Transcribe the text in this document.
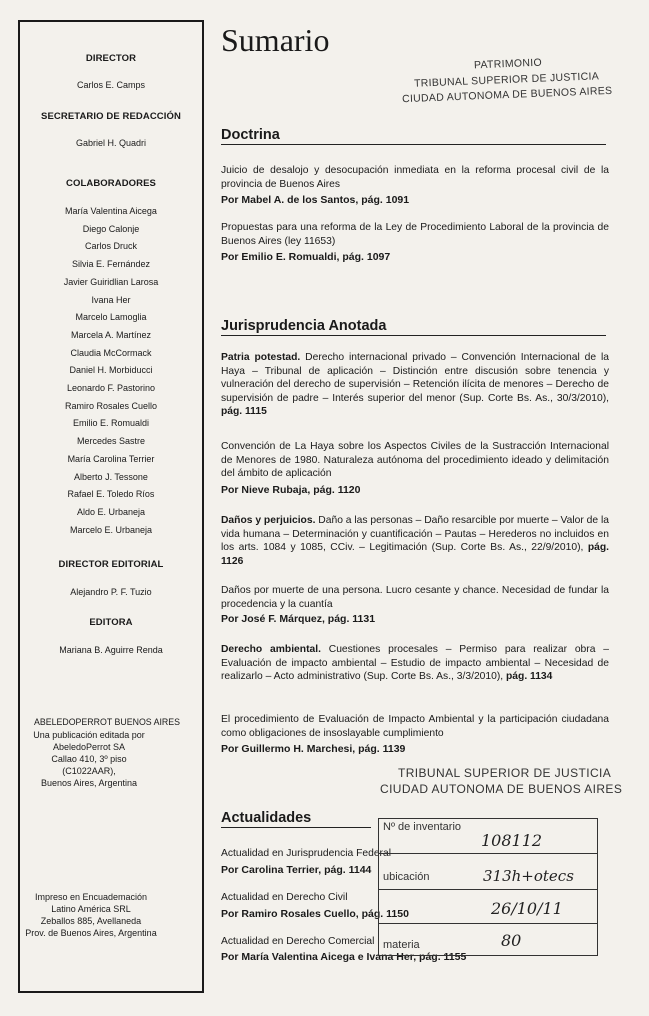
DIRECTOR
Carlos E. Camps
SECRETARIO DE REDACCIÓN
Gabriel H. Quadri
COLABORADORES
María Valentina Aicega
Diego Calonje
Carlos Druck
Silvia E. Fernández
Javier Guiridlian Larosa
Ivana Her
Marcelo Lamoglia
Marcela A. Martínez
Claudia McCormack
Daniel H. Morbiducci
Leonardo F. Pastorino
Ramiro Rosales Cuello
Emilio E. Romualdi
Mercedes Sastre
María Carolina Terrier
Alberto J. Tessone
Rafael E. Toledo Ríos
Aldo E. Urbaneja
Marcelo E. Urbaneja
DIRECTOR EDITORIAL
Alejandro P. F. Tuzio
EDITORA
Mariana B. Aguirre Renda
ABELEDOPERROT BUENOS AIRES
Una publicación editada por
AbeledoPerrot SA
Callao 410, 3º piso
(C1022AAR),
Buenos Aires, Argentina
Impreso en Encuademación
Latino América SRL
Zeballos 885, Avellaneda
Prov. de Buenos Aires, Argentina
Sumario
PATRIMONIO
TRIBUNAL SUPERIOR DE JUSTICIA
CIUDAD AUTONOMA DE BUENOS AIRES
Doctrina
Juicio de desalojo y desocupación inmediata en la reforma procesal civil de la provincia de Buenos Aires
Por Mabel A. de los Santos, pág. 1091
Propuestas para una reforma de la Ley de Procedimiento Laboral de la provincia de Buenos Aires (ley 11653)
Por Emilio E. Romualdi, pág. 1097
Jurisprudencia Anotada
Patria potestad. Derecho internacional privado – Convención Internacional de la Haya – Tribunal de aplicación – Distinción entre discusión sobre tenencia y vulneración del derecho de supervisión – Retención ilícita de menores – Derecho de supervisión de padre – Interés superior del menor (Sup. Corte Bs. As., 30/3/2010), pág. 1115
Convención de La Haya sobre los Aspectos Civiles de la Sustracción Internacional de Menores de 1980. Naturaleza autónoma del procedimiento ideado y delimitación del ámbito de aplicación
Por Nieve Rubaja, pág. 1120
Daños y perjuicios. Daño a las personas – Daño resarcible por muerte – Valor de la vida humana – Determinación y cuantificación – Pautas – Herederos no incluidos en los arts. 1084 y 1085, CCiv. – Legitimación (Sup. Corte Bs. As., 22/9/2010), pág. 1126
Daños por muerte de una persona. Lucro cesante y chance. Necesidad de fundar la procedencia y la cuantía
Por José F. Márquez, pág. 1131
Derecho ambiental. Cuestiones procesales – Permiso para realizar obra – Evaluación de impacto ambiental – Estudio de impacto ambiental – Necesidad de realizarlo – Acto administrativo (Sup. Corte Bs. As., 3/3/2010), pág. 1134
El procedimiento de Evaluación de Impacto Ambiental y la participación ciudadana como obligaciones de insoslayable cumplimiento
Por Guillermo H. Marchesi, pág. 1139
TRIBUNAL SUPERIOR DE JUSTICIA
CIUDAD AUTONOMA DE BUENOS AIRES
Actualidades
Actualidad en Jurisprudencia Federal
Por Carolina Terrier, pág. 1144
Actualidad en Derecho Civil
Por Ramiro Rosales Cuello, pág. 1150
Actualidad en Derecho Comercial
Por María Valentina Aicega e Ivana Her, pág. 1155
Nº de inventario
108112
ubicación	313h+otecs
26/10/11
materia	80
